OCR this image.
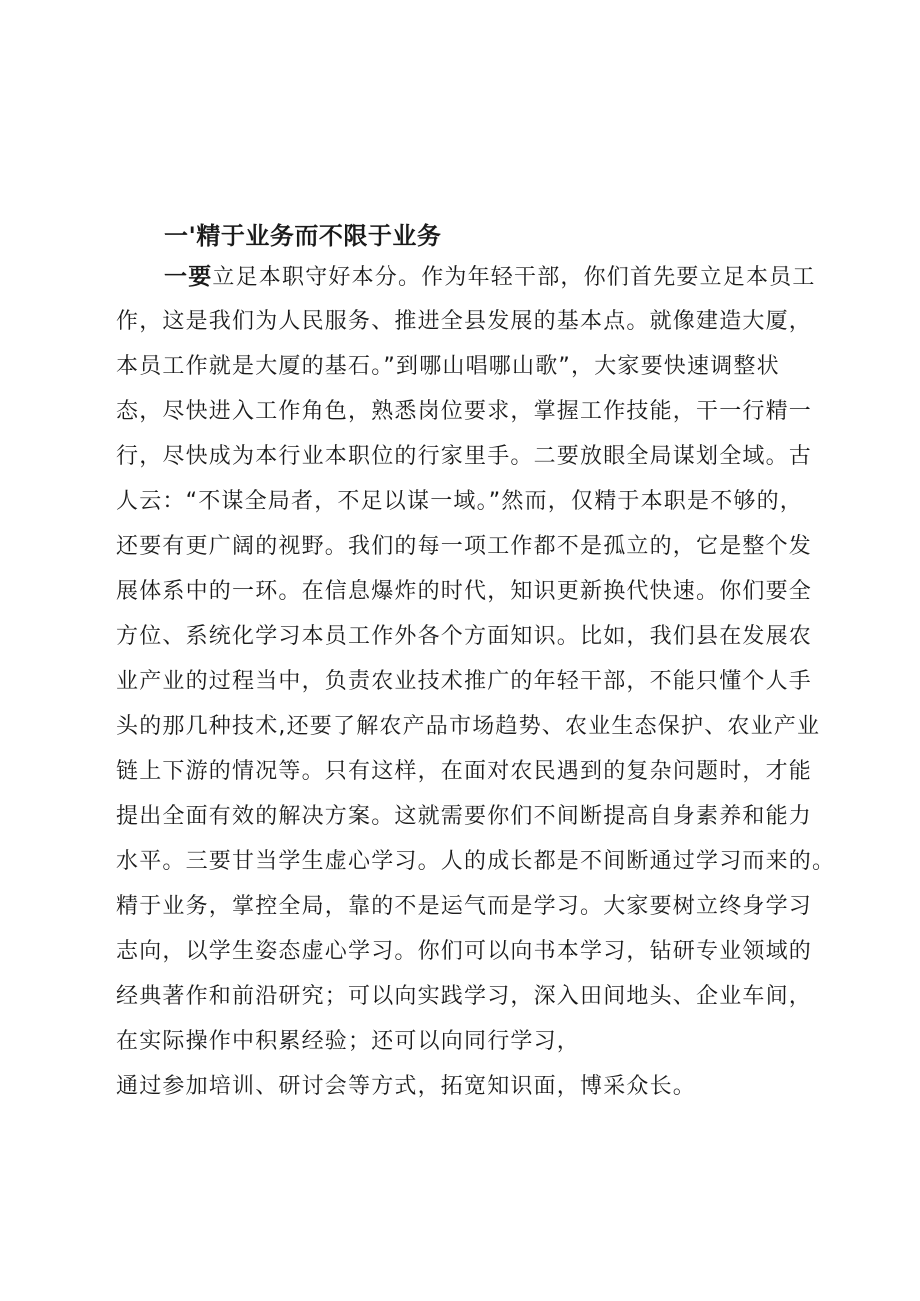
一'精于业务而不限于业务

一要立足本职守好本分。作为年轻干部，你们首先要立足本员工

作，这是我们为人民服务、推进全县发展的基本点。就像建造大厦，

本员工作就是大厦的基石。”到哪山唱哪山歌”，大家要快速调整状

态，尽快进入工作角色，熟悉岗位要求，掌握工作技能，干一行精一

行，尽快成为本行业本职位的行家里手。二要放眼全局谋划全域。古

人云：“不谋全局者，不足以谋一域。”然而，仅精于本职是不够的，

还要有更广阔的视野。我们的每一项工作都不是孤立的，它是整个发

展体系中的一环。在信息爆炸的时代，知识更新换代快速。你们要全

方位、系统化学习本员工作外各个方面知识。比如，我们县在发展农

业产业的过程当中，负责农业技术推广的年轻干部，不能只懂个人手

头的那几种技术,还要了解农产品市场趋势、农业生态保护、农业产业

链上下游的情况等。只有这样，在面对农民遇到的复杂问题时，才能

提出全面有效的解决方案。这就需要你们不间断提高自身素养和能力

水平。三要甘当学生虚心学习。人的成长都是不间断通过学习而来的。

精于业务，掌控全局，靠的不是运气而是学习。大家要树立终身学习

志向，以学生姿态虚心学习。你们可以向书本学习，钻研专业领域的

经典著作和前沿研究；可以向实践学习，深入田间地头、企业车间，

在实际操作中积累经验；还可以向同行学习，

通过参加培训、研讨会等方式，拓宽知识面，博采众长。
